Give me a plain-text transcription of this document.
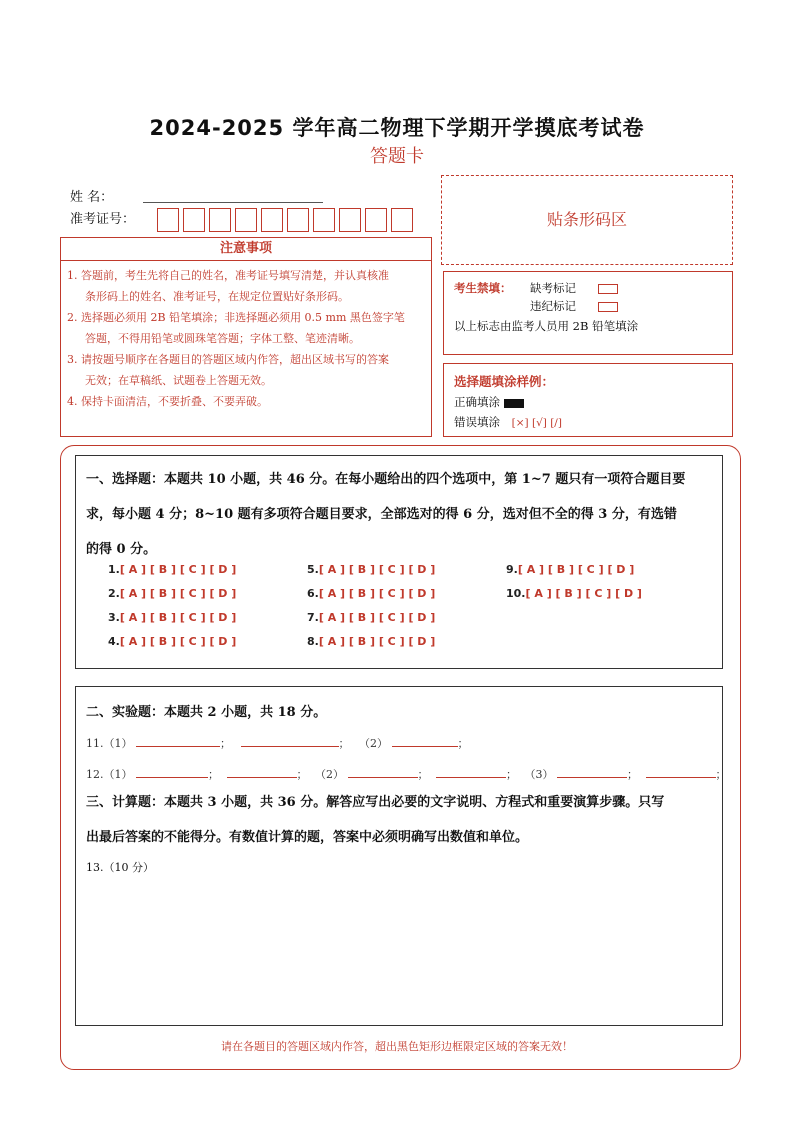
2024-2025 学年高二物理下学期开学摸底考试卷
答题卡
姓 名：
准考证号：	贴条形码区
注意事项
1. 答题前，考生先将自己的姓名，准考证号填写清楚，并认真核准
条形码上的姓名、准考证号，在规定位置贴好条形码。
2. 选择题必须用 2B 铅笔填涂；非选择题必须用 0.5 mm 黑色签字笔
答题，不得用铅笔或圆珠笔答题；字体工整、笔迹清晰。
3. 请按题号顺序在各题目的答题区域内作答，超出区域书写的答案
无效；在草稿纸、试题卷上答题无效。
4. 保持卡面清洁，不要折叠、不要弄破。
考生禁填： 缺考标记
违纪标记
以上标志由监考人员用 2B 铅笔填涂
选择题填涂样例：
正确填涂
错误填涂 [×] [√] [/]
一、选择题：本题共 10 小题，共 46 分。在每小题给出的四个选项中，第 1~7 题只有一项符合题目要
求，每小题 4 分；8~10 题有多项符合题目要求，全部选对的得 6 分，选对但不全的得 3 分，有选错
的得 0 分。
1.[ A ] [ B ] [ C ] [ D ]
2.[ A ] [ B ] [ C ] [ D ]
3.[ A ] [ B ] [ C ] [ D ]
4.[ A ] [ B ] [ C ] [ D ]
5.[ A ] [ B ] [ C ] [ D ]
6.[ A ] [ B ] [ C ] [ D ]
7.[ A ] [ B ] [ C ] [ D ]
8.[ A ] [ B ] [ C ] [ D ]
9.[ A ] [ B ] [ C ] [ D ]
10.[ A ] [ B ] [ C ] [ D ]
二、实验题：本题共 2 小题，共 18 分。
11.（1）	；	； （2）	；
12.（1）	；	； （2）	；	； （3）	；	；
三、计算题：本题共 3 小题，共 36 分。解答应写出必要的文字说明、方程式和重要演算步骤。只写
出最后答案的不能得分。有数值计算的题，答案中必须明确写出数值和单位。
13.（10 分）
请在各题目的答题区域内作答，超出黑色矩形边框限定区域的答案无效！
